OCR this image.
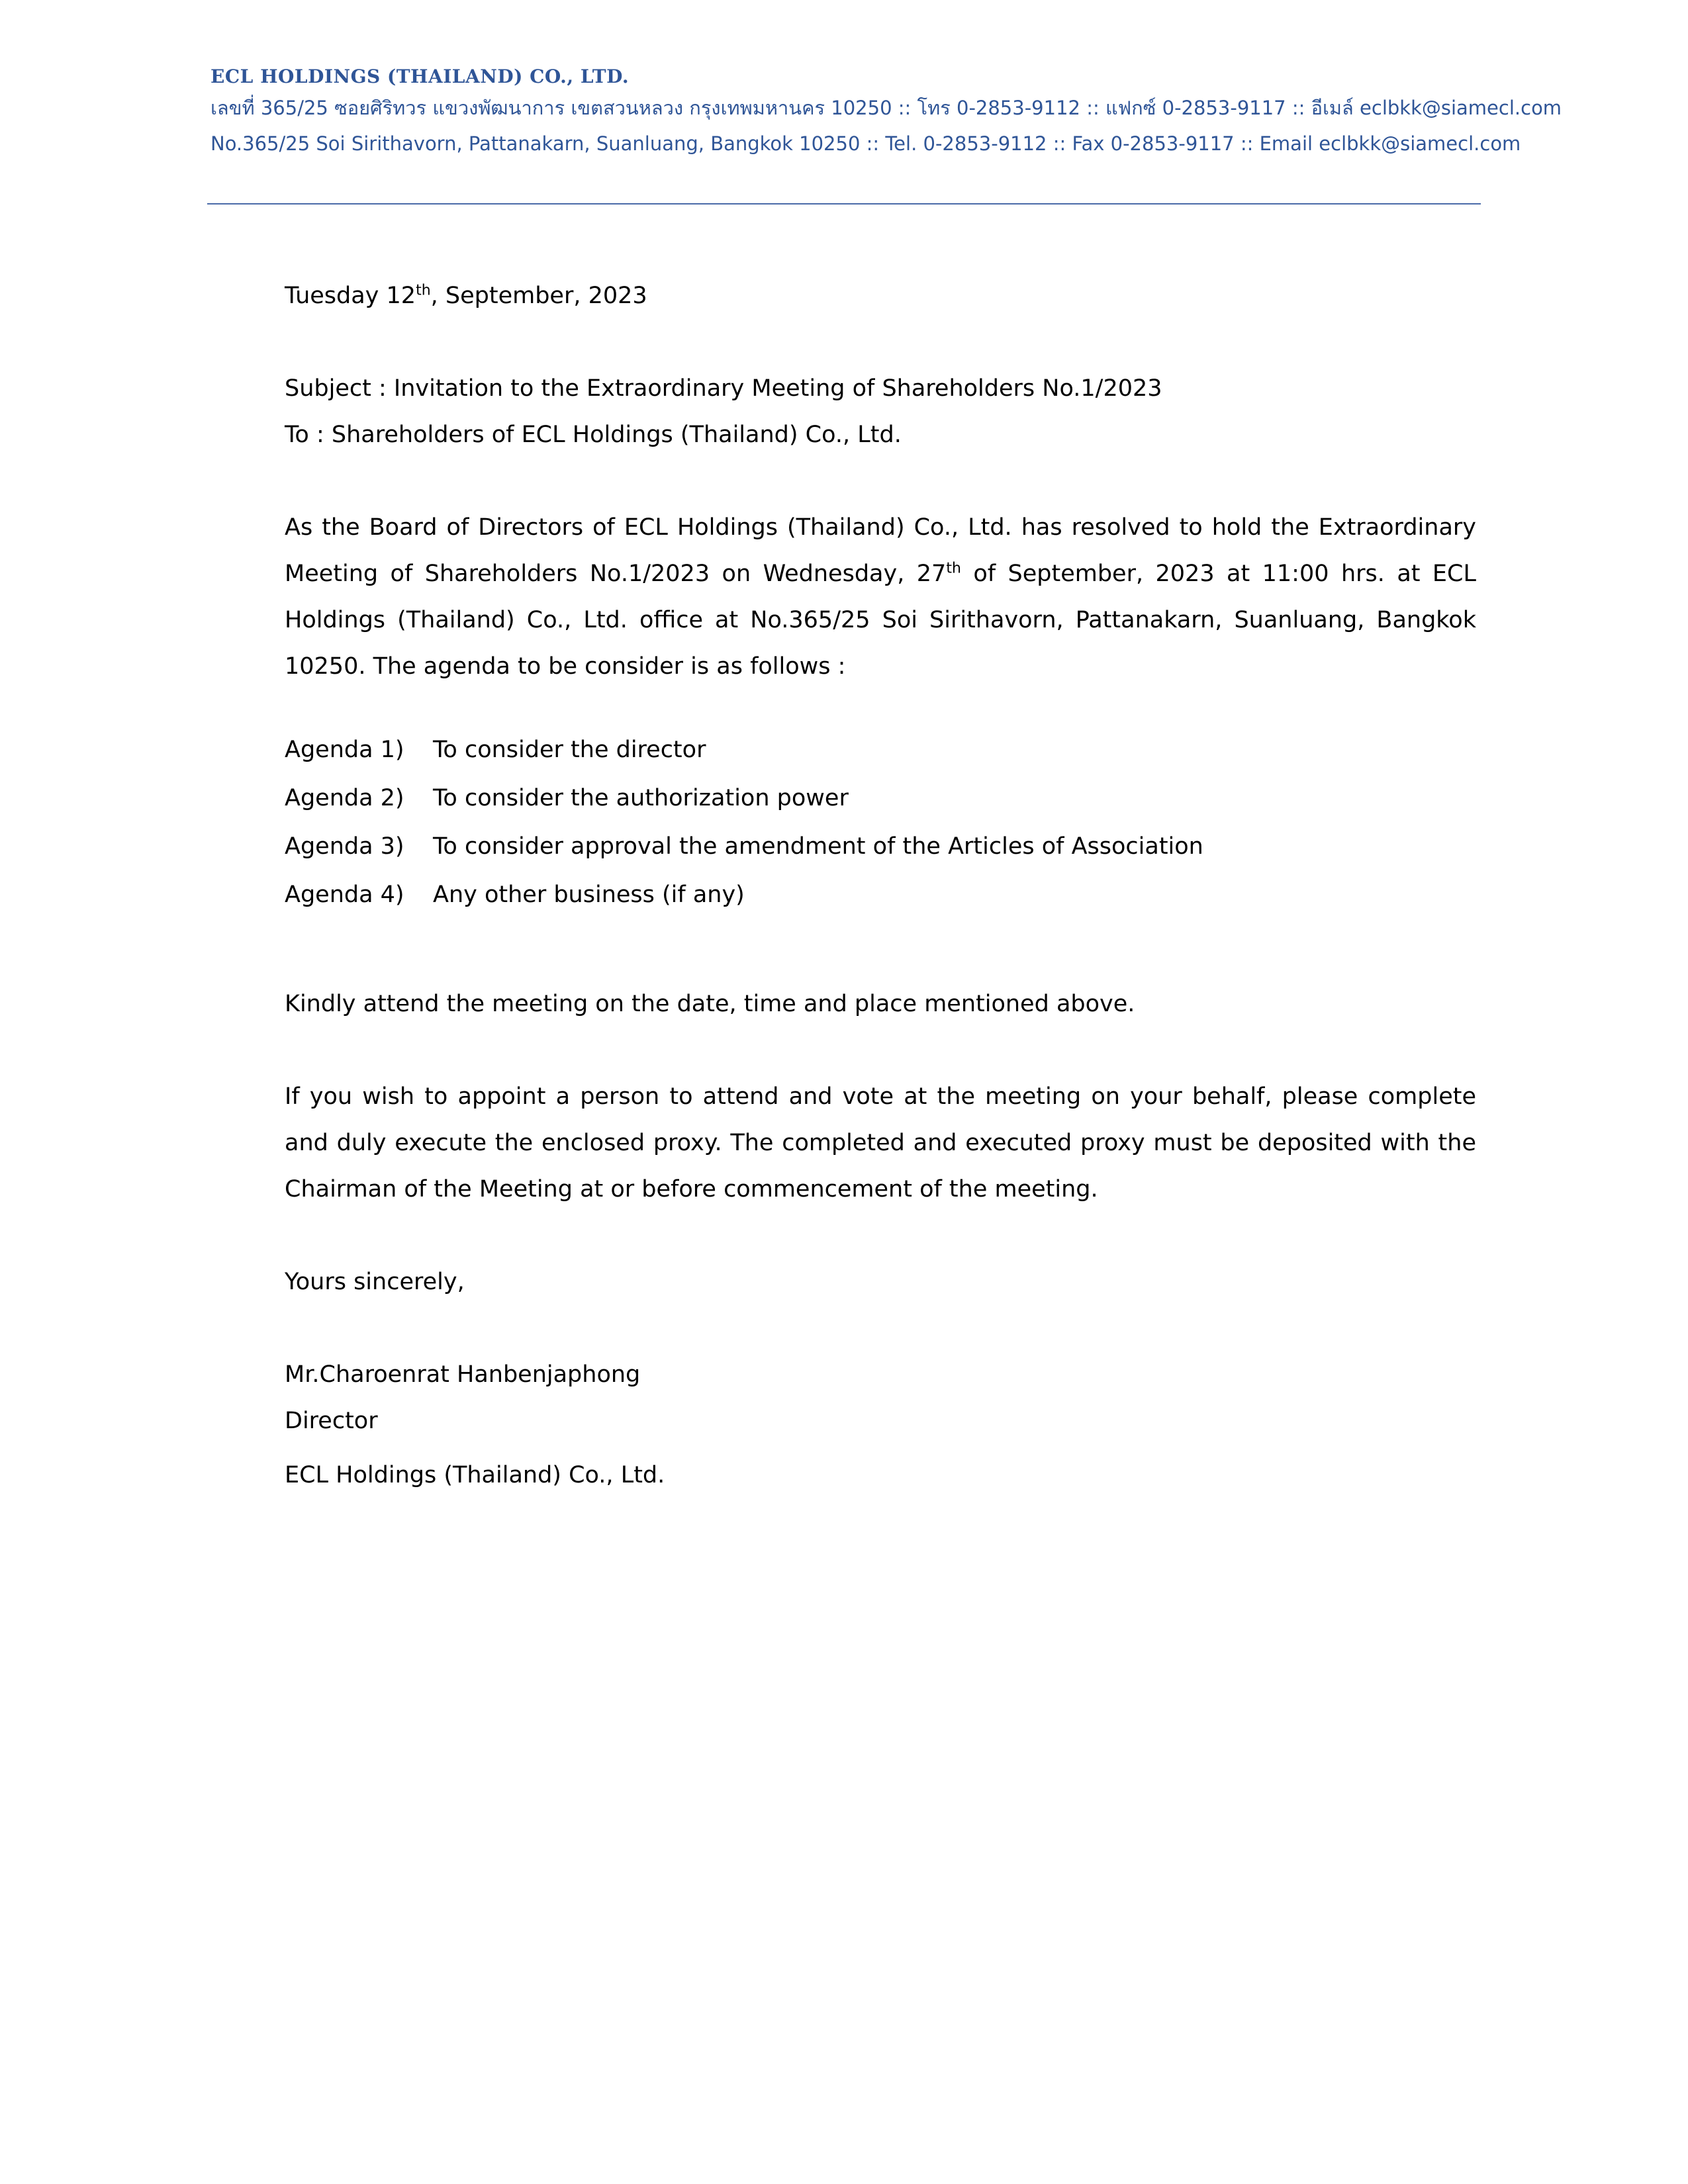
ECL HOLDINGS (THAILAND) CO., LTD.
เลขที่ 365/25 ซอยศิริทวร แขวงพัฒนาการ เขตสวนหลวง กรุงเทพมหานคร 10250 :: โทร 0-2853-9112 :: แฟกซ์ 0-2853-9117 :: อีเมล์ eclbkk@siamecl.com
No.365/25 Soi Sirithavorn, Pattanakarn, Suanluang, Bangkok 10250 :: Tel. 0-2853-9112 :: Fax 0-2853-9117 :: Email eclbkk@siamecl.com
Tuesday 12th, September, 2023
Subject : Invitation to the Extraordinary Meeting of Shareholders No.1/2023
To : Shareholders of ECL Holdings (Thailand) Co., Ltd.
As the Board of Directors of ECL Holdings (Thailand) Co., Ltd. has resolved to hold the Extraordinary Meeting of Shareholders No.1/2023 on Wednesday, 27th of September, 2023 at 11:00 hrs. at ECL Holdings (Thailand) Co., Ltd. office at No.365/25 Soi Sirithavorn, Pattanakarn, Suanluang, Bangkok 10250. The agenda to be consider is as follows :
Agenda 1)	To consider the director
Agenda 2)	To consider the authorization power
Agenda 3)	To consider approval the amendment of the Articles of Association
Agenda 4)	Any other business (if any)
Kindly attend the meeting on the date, time and place mentioned above.
If you wish to appoint a person to attend and vote at the meeting on your behalf, please complete and duly execute the enclosed proxy. The completed and executed proxy must be deposited with the Chairman of the Meeting at or before commencement of the meeting.
Yours sincerely,
Mr.Charoenrat Hanbenjaphong
Director
ECL Holdings (Thailand) Co., Ltd.
